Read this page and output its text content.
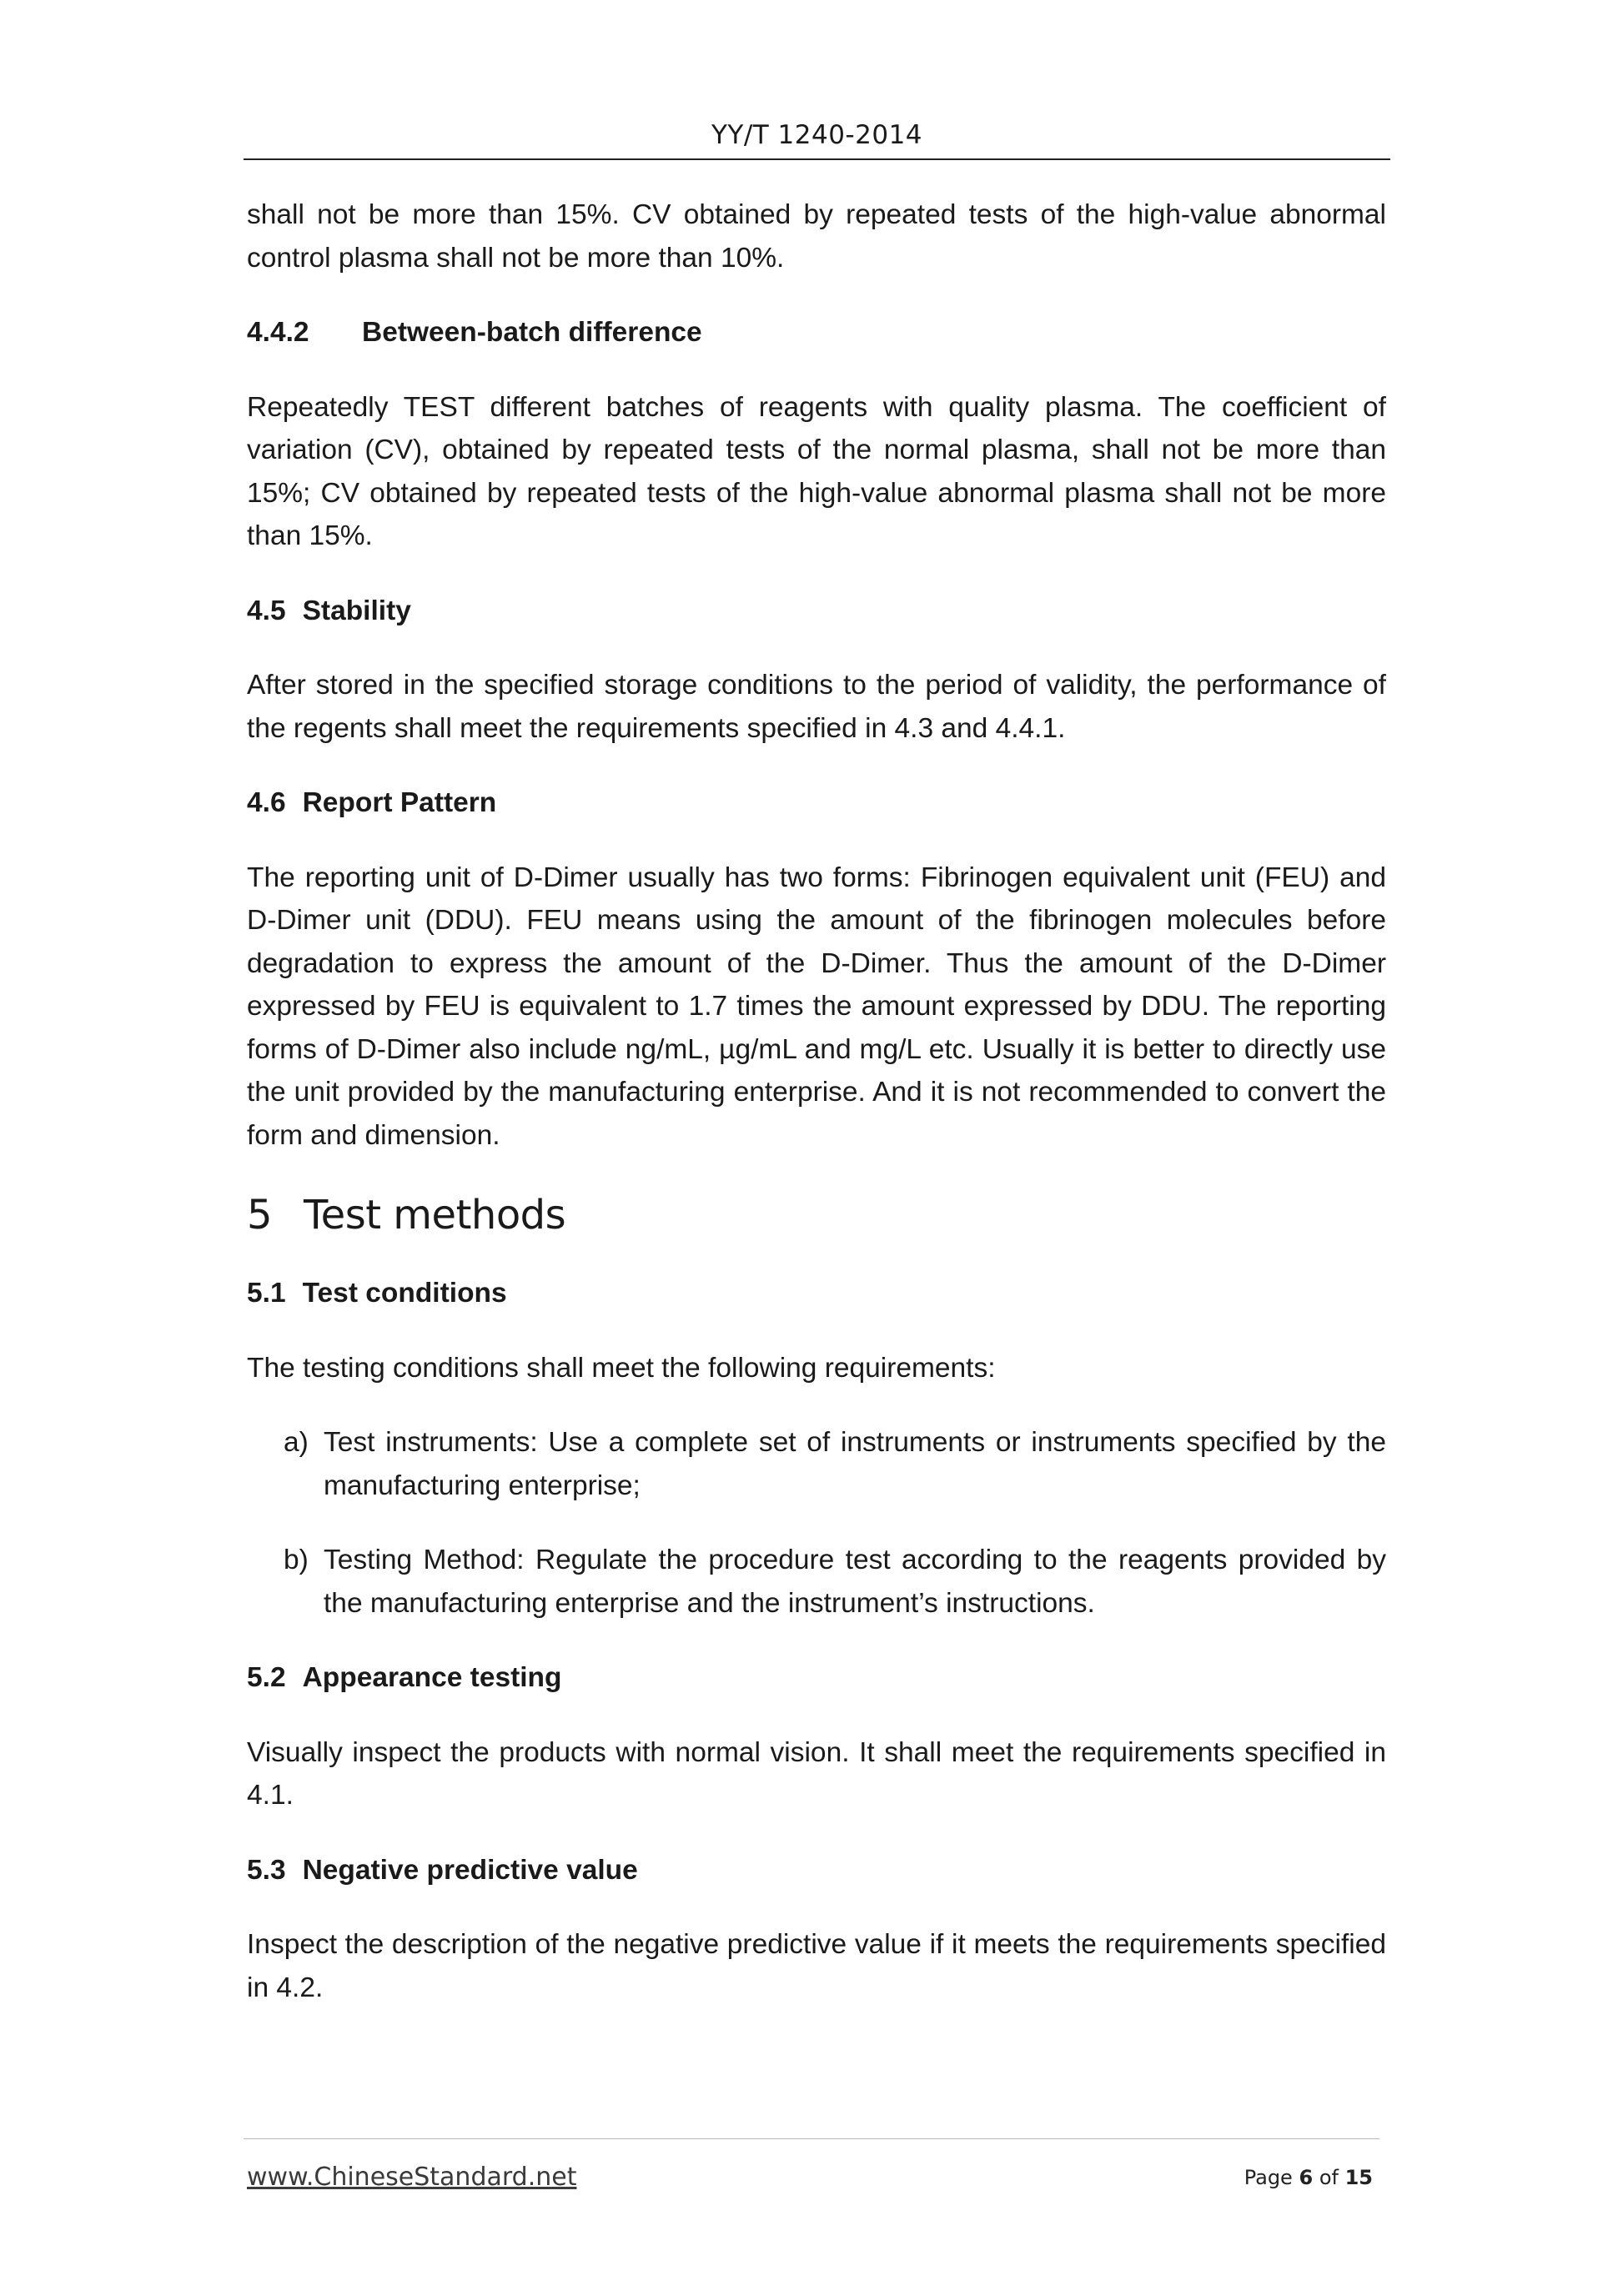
YY/T 1240-2014

shall not be more than 15%. CV obtained by repeated tests of the high-value abnormal control plasma shall not be more than 10%.

4.4.2 Between-batch difference

Repeatedly TEST different batches of reagents with quality plasma. The coefficient of variation (CV), obtained by repeated tests of the normal plasma, shall not be more than 15%; CV obtained by repeated tests of the high-value abnormal plasma shall not be more than 15%.

4.5 Stability

After stored in the specified storage conditions to the period of validity, the performance of the regents shall meet the requirements specified in 4.3 and 4.4.1.

4.6 Report Pattern

The reporting unit of D-Dimer usually has two forms: Fibrinogen equivalent unit (FEU) and D-Dimer unit (DDU). FEU means using the amount of the fibrinogen molecules before degradation to express the amount of the D-Dimer. Thus the amount of the D-Dimer expressed by FEU is equivalent to 1.7 times the amount expressed by DDU. The reporting forms of D-Dimer also include ng/mL, µg/mL and mg/L etc. Usually it is better to directly use the unit provided by the manufacturing enterprise. And it is not recommended to convert the form and dimension.

5 Test methods
5.1 Test conditions

The testing conditions shall meet the following requirements:

a) Test instruments: Use a complete set of instruments or instruments specified by the manufacturing enterprise;
b) Testing Method: Regulate the procedure test according to the reagents provided by the manufacturing enterprise and the instrument’s instructions.
5.2 Appearance testing

Visually inspect the products with normal vision. It shall meet the requirements specified in 4.1.

5.3 Negative predictive value

Inspect the description of the negative predictive value if it meets the requirements specified in 4.2.

www.ChineseStandard.net	Page 6 of 15
